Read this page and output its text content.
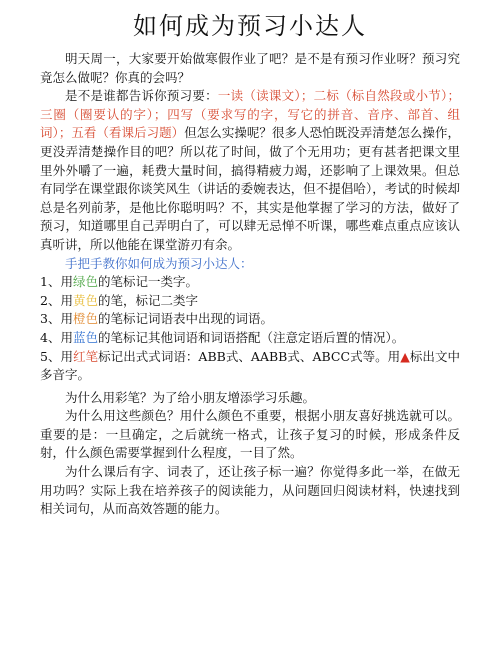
如何成为预习小达人

明天周一，大家要开始做寒假作业了吧？是不是有预习作业呀？预习究竟怎么做呢？你真的会吗？

是不是谁都告诉你预习要：一读（读课文）；二标（标自然段或小节）；三圈（圈要认的字）；四写（要求写的字，写它的拼音、音序、部首、组词）；五看（看课后习题）但怎么实操呢？很多人恐怕既没弄清楚怎么操作，更没弄清楚操作目的吧？所以花了时间，做了个无用功；更有甚者把课文里里外外嚼了一遍，耗费大量时间，搞得精疲力竭，还影响了上课效果。但总有同学在课堂跟你谈笑风生（讲话的委婉表达，但不提倡哈），考试的时候却总是名列前茅，是他比你聪明吗？不，其实是他掌握了学习的方法，做好了预习，知道哪里自己弄明白了，可以肆无忌惮不听课，哪些难点重点应该认真听讲，所以他能在课堂游刃有余。

手把手教你如何成为预习小达人：

1、用绿色的笔标记一类字。

2、用黄色的笔，标记二类字

3、用橙色的笔标记词语表中出现的词语。

4、用蓝色的笔标记其他词语和词语搭配（注意定语后置的情况）。

5、用红笔标记出式式词语：ABB式、AABB式、ABCC式等。用▲标出文中多音字。

为什么用彩笔？为了给小朋友增添学习乐趣。

为什么用这些颜色？用什么颜色不重要，根据小朋友喜好挑选就可以。重要的是：一旦确定，之后就统一格式，让孩子复习的时候，形成条件反射，什么颜色需要掌握到什么程度，一目了然。

为什么课后有字、词表了，还让孩子标一遍？你觉得多此一举，在做无用功吗？实际上我在培养孩子的阅读能力，从问题回归阅读材料，快速找到相关词句，从而高效答题的能力。
